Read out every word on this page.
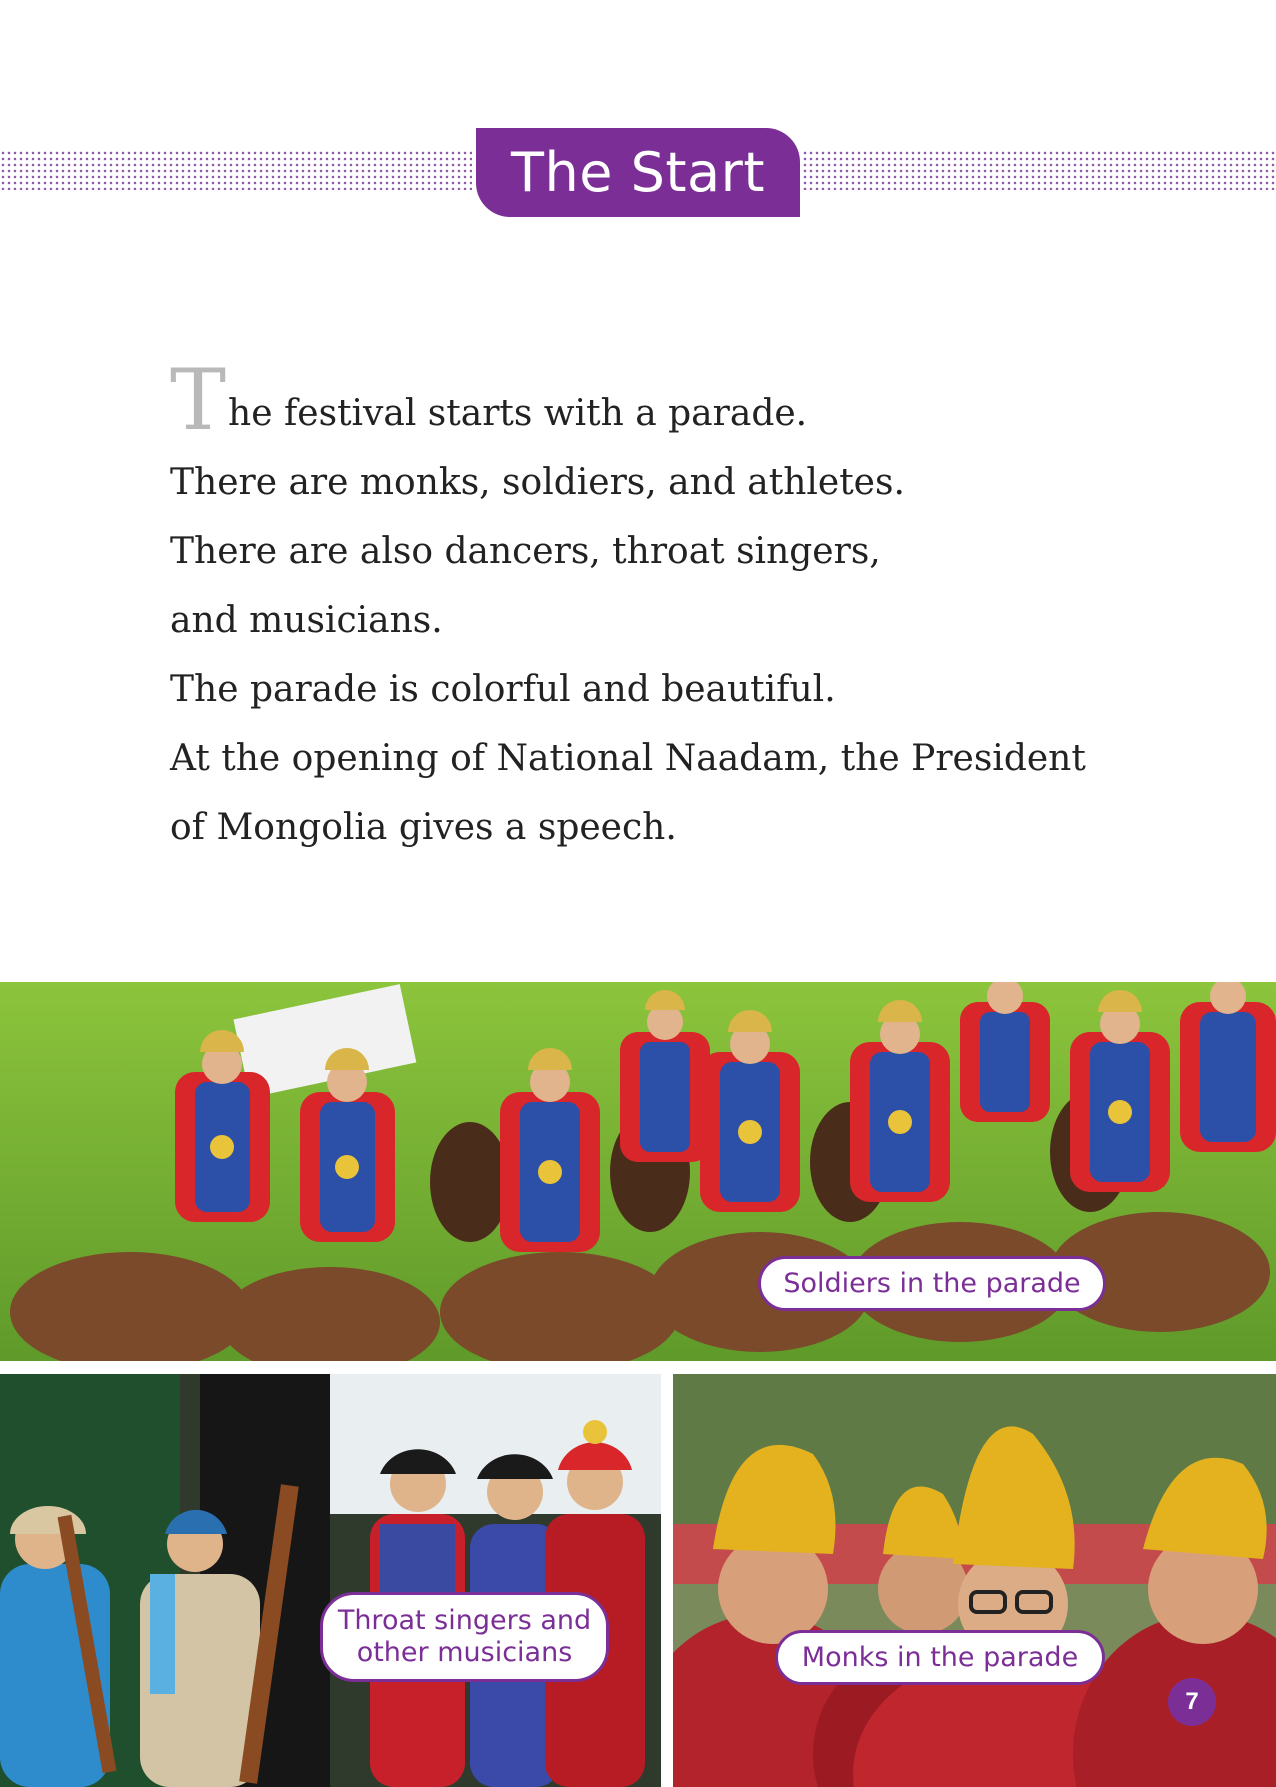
The Start

The festival starts with a parade.

There are monks, soldiers, and athletes.

There are also dancers, throat singers,

and musicians.

The parade is colorful and beautiful.

At the opening of National Naadam, the President

of Mongolia gives a speech.

Soldiers in the parade
Throat singers and
other musicians	Monks in the parade
7
